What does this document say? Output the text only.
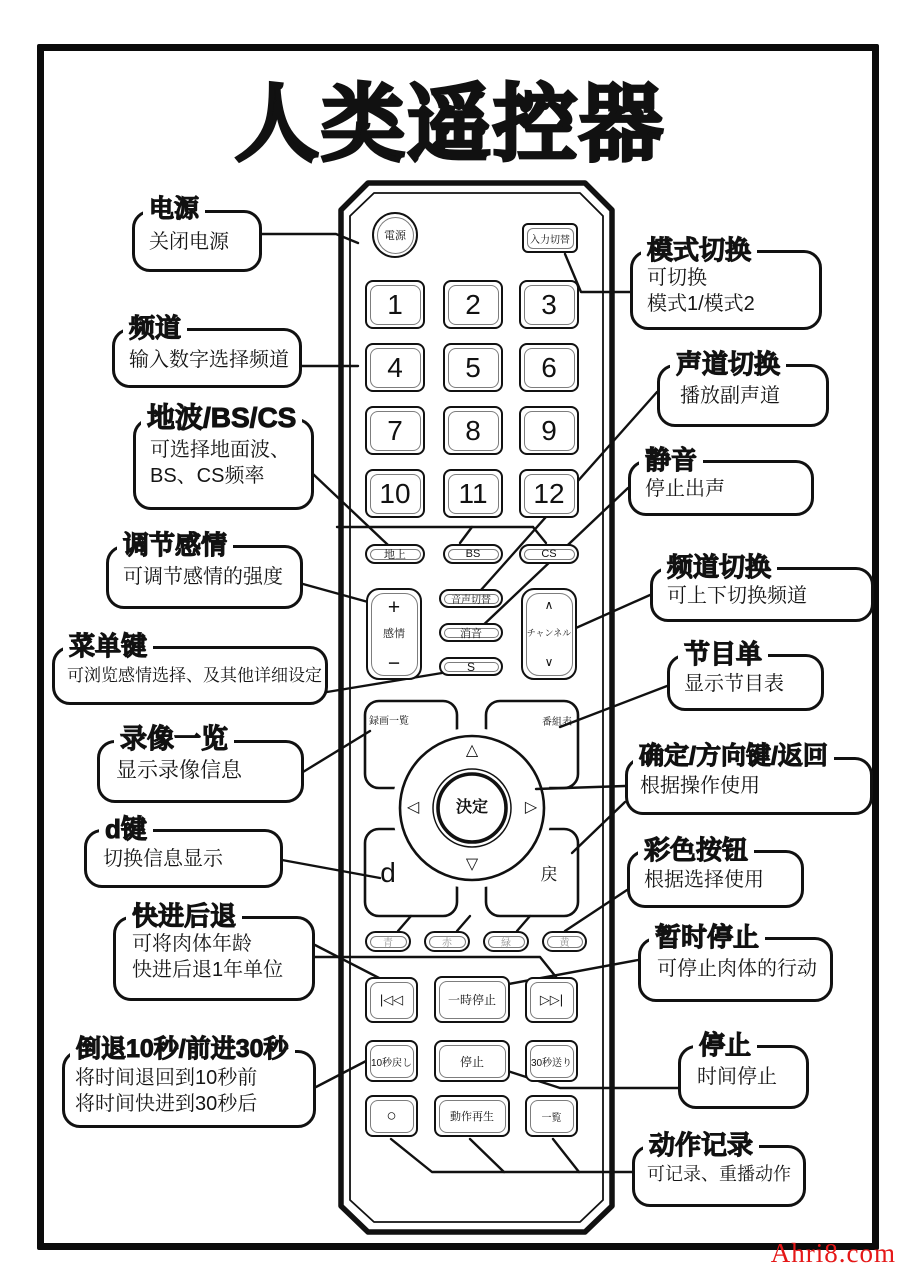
人类遥控器
電源	入力切替
1 2 3
4 5 6
7 8 9
10 11 12
地上	BS	CS
音声切替
消音
S
+
感情
−
∧
チャンネル
∨
録画一覧	番組表
d	戻
△
◁	▷
▽
決定
青	赤	緑	黄
|◁◁	一時停止	▷▷|
10秒戻し	停止	30秒送り
○	動作再生	一覧
电源
关闭电源
频道
输入数字选择频道
地波/BS/CS
可选择地面波、
BS、CS频率
调节感情
可调节感情的强度
菜单键
可浏览感情选择、及其他详细设定
录像一览
显示录像信息
d键
切换信息显示
快进后退
可将肉体年龄
快进后退1年单位
倒退10秒/前进30秒
将时间退回到10秒前
将时间快进到30秒后
模式切换
可切换
模式1/模式2
声道切换
播放副声道
静音
停止出声
频道切换
可上下切换频道
节目单
显示节目表
确定/方向键/返回
根据操作使用
彩色按钮
根据选择使用
暂时停止
可停止肉体的行动
停止
时间停止
动作记录
可记录、重播动作
Ahri8.com
